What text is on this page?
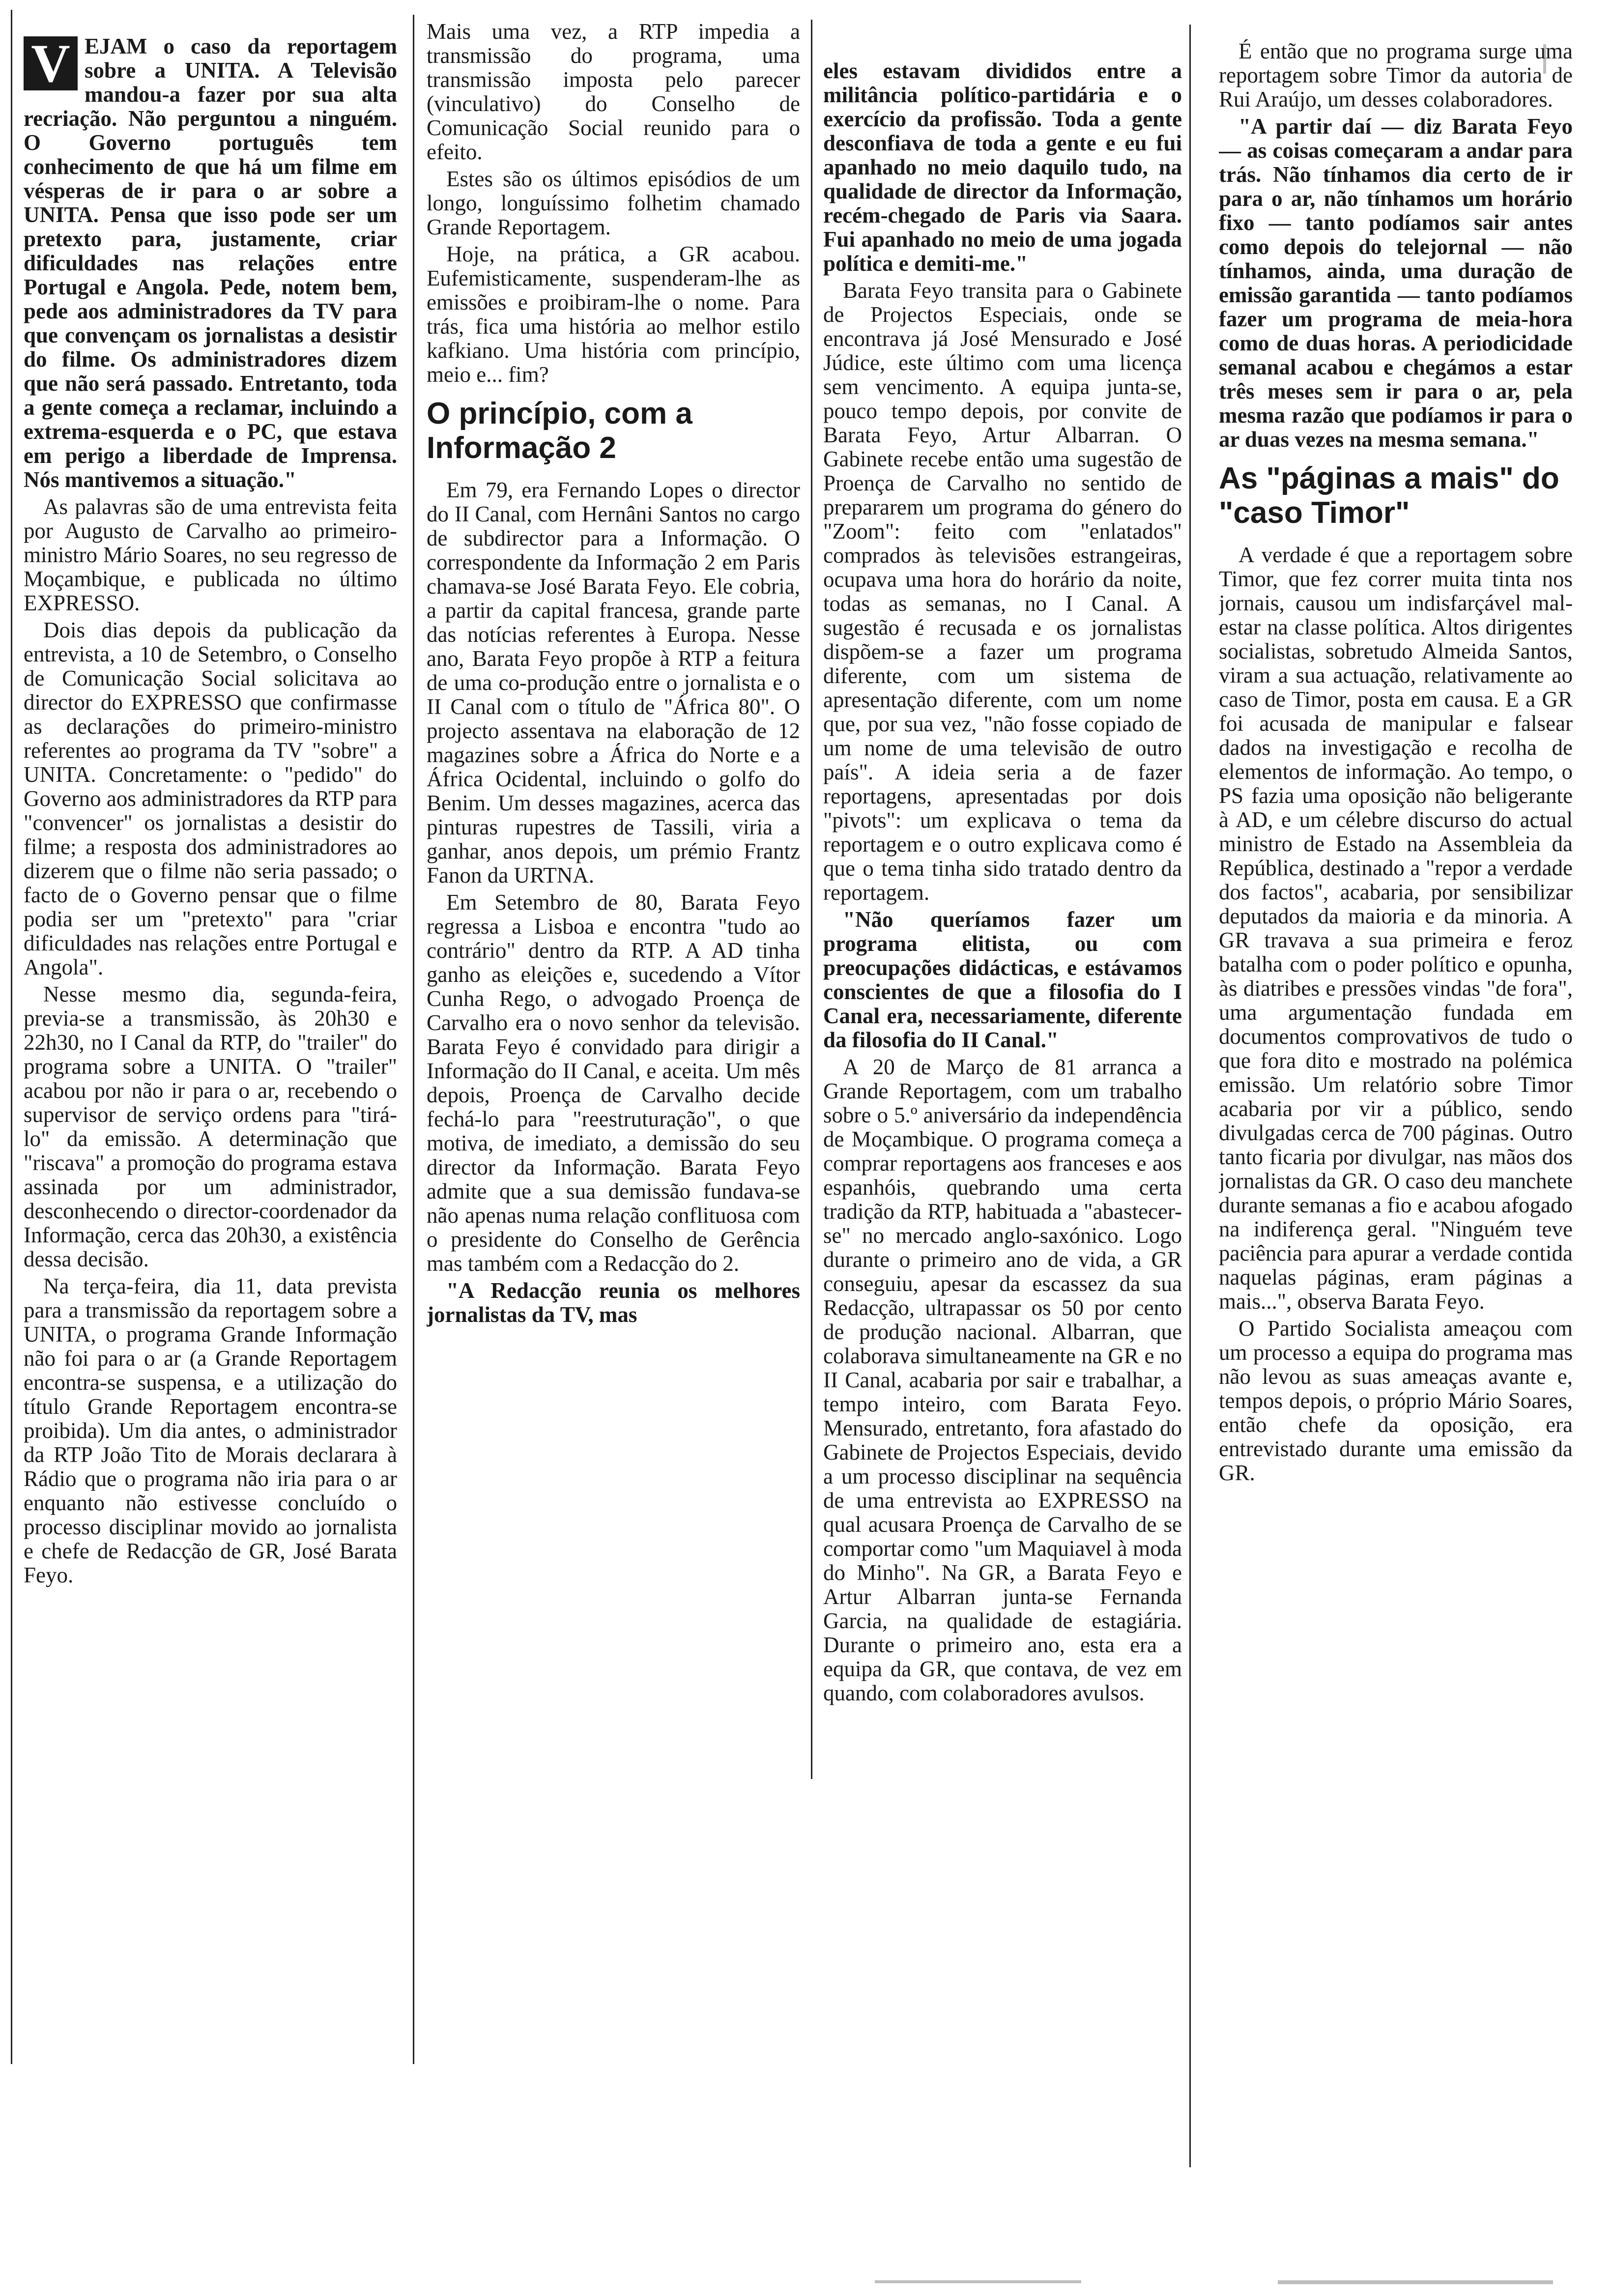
V EJAM o caso da reportagem sobre a UNITA. A Televisão mandou-a fazer por sua alta recriação. Não perguntou a ninguém. O Governo português tem conhecimento de que há um filme em vésperas de ir para o ar sobre a UNITA. Pensa que isso pode ser um pretexto para, justamente, criar dificuldades nas relações entre Portugal e Angola. Pede, notem bem, pede aos administradores da TV para que convençam os jornalistas a desistir do filme. Os administradores dizem que não será passado. Entretanto, toda a gente começa a reclamar, incluindo a extrema-esquerda e o PC, que estava em perigo a liberdade de Imprensa. Nós mantivemos a situação."

As palavras são de uma entrevista feita por Augusto de Carvalho ao primeiro-ministro Mário Soares, no seu regresso de Moçambique, e publicada no último EXPRESSO.

Dois dias depois da publicação da entrevista, a 10 de Setembro, o Conselho de Comunicação Social solicitava ao director do EXPRESSO que confirmasse as declarações do primeiro-ministro referentes ao programa da TV "sobre" a UNITA. Concretamente: o "pedido" do Governo aos administradores da RTP para "convencer" os jornalistas a desistir do filme; a resposta dos administradores ao dizerem que o filme não seria passado; o facto de o Governo pensar que o filme podia ser um "pretexto" para "criar dificuldades nas relações entre Portugal e Angola".

Nesse mesmo dia, segunda-feira, previa-se a transmissão, às 20h30 e 22h30, no I Canal da RTP, do "trailer" do programa sobre a UNITA. O "trailer" acabou por não ir para o ar, recebendo o supervisor de serviço ordens para "tirá-lo" da emissão. A determinação que "riscava" a promoção do programa estava assinada por um administrador, desconhecendo o director-coordenador da Informação, cerca das 20h30, a existência dessa decisão.

Na terça-feira, dia 11, data prevista para a transmissão da reportagem sobre a UNITA, o programa Grande Informação não foi para o ar (a Grande Reportagem encontra-se suspensa, e a utilização do título Grande Reportagem encontra-se proibida). Um dia antes, o administrador da RTP João Tito de Morais declarara à Rádio que o programa não iria para o ar enquanto não estivesse concluído o processo disciplinar movido ao jornalista e chefe de Redacção de GR, José Barata Feyo.

Mais uma vez, a RTP impedia a transmissão do programa, uma transmissão imposta pelo parecer (vinculativo) do Conselho de Comunicação Social reunido para o efeito.

Estes são os últimos episódios de um longo, longuíssimo folhetim chamado Grande Reportagem.

Hoje, na prática, a GR acabou. Eufemisticamente, suspenderam-lhe as emissões e proibiram-lhe o nome. Para trás, fica uma história ao melhor estilo kafkiano. Uma história com princípio, meio e... fim?

O princípio, com a Informação 2

Em 79, era Fernando Lopes o director do II Canal, com Hernâni Santos no cargo de subdirector para a Informação. O correspondente da Informação 2 em Paris chamava-se José Barata Feyo. Ele cobria, a partir da capital francesa, grande parte das notícias referentes à Europa. Nesse ano, Barata Feyo propõe à RTP a feitura de uma co-produção entre o jornalista e o II Canal com o título de "África 80". O projecto assentava na elaboração de 12 magazines sobre a África do Norte e a África Ocidental, incluindo o golfo do Benim. Um desses magazines, acerca das pinturas rupestres de Tassili, viria a ganhar, anos depois, um prémio Frantz Fanon da URTNA.

Em Setembro de 80, Barata Feyo regressa a Lisboa e encontra "tudo ao contrário" dentro da RTP. A AD tinha ganho as eleições e, sucedendo a Vítor Cunha Rego, o advogado Proença de Carvalho era o novo senhor da televisão. Barata Feyo é convidado para dirigir a Informação do II Canal, e aceita. Um mês depois, Proença de Carvalho decide fechá-lo para "reestruturação", o que motiva, de imediato, a demissão do seu director da Informação. Barata Feyo admite que a sua demissão fundava-se não apenas numa relação conflituosa com o presidente do Conselho de Gerência mas também com a Redacção do 2.

"A Redacção reunia os melhores jornalistas da TV, mas

eles estavam divididos entre a militância político-partidária e o exercício da profissão. Toda a gente desconfiava de toda a gente e eu fui apanhado no meio daquilo tudo, na qualidade de director da Informação, recém-chegado de Paris via Saara. Fui apanhado no meio de uma jogada política e demiti-me."

Barata Feyo transita para o Gabinete de Projectos Especiais, onde se encontrava já José Mensurado e José Júdice, este último com uma licença sem vencimento. A equipa junta-se, pouco tempo depois, por convite de Barata Feyo, Artur Albarran. O Gabinete recebe então uma sugestão de Proença de Carvalho no sentido de prepararem um programa do género do "Zoom": feito com "enlatados" comprados às televisões estrangeiras, ocupava uma hora do horário da noite, todas as semanas, no I Canal. A sugestão é recusada e os jornalistas dispõem-se a fazer um programa diferente, com um sistema de apresentação diferente, com um nome que, por sua vez, "não fosse copiado de um nome de uma televisão de outro país". A ideia seria a de fazer reportagens, apresentadas por dois "pivots": um explicava o tema da reportagem e o outro explicava como é que o tema tinha sido tratado dentro da reportagem.

"Não queríamos fazer um programa elitista, ou com preocupações didácticas, e estávamos conscientes de que a filosofia do I Canal era, necessariamente, diferente da filosofia do II Canal."

A 20 de Março de 81 arranca a Grande Reportagem, com um trabalho sobre o 5.º aniversário da independência de Moçambique. O programa começa a comprar reportagens aos franceses e aos espanhóis, quebrando uma certa tradição da RTP, habituada a "abastecer-se" no mercado anglo-saxónico. Logo durante o primeiro ano de vida, a GR conseguiu, apesar da escassez da sua Redacção, ultrapassar os 50 por cento de produção nacional. Albarran, que colaborava simultaneamente na GR e no II Canal, acabaria por sair e trabalhar, a tempo inteiro, com Barata Feyo. Mensurado, entretanto, fora afastado do Gabinete de Projectos Especiais, devido a um processo disciplinar na sequência de uma entrevista ao EXPRESSO na qual acusara Proença de Carvalho de se comportar como "um Maquiavel à moda do Minho". Na GR, a Barata Feyo e Artur Albarran junta-se Fernanda Garcia, na qualidade de estagiária. Durante o primeiro ano, esta era a equipa da GR, que contava, de vez em quando, com colaboradores avulsos.

É então que no programa surge uma reportagem sobre Timor da autoria de Rui Araújo, um desses colaboradores.

"A partir daí — diz Barata Feyo — as coisas começaram a andar para trás. Não tínhamos dia certo de ir para o ar, não tínhamos um horário fixo — tanto podíamos sair antes como depois do telejornal — não tínhamos, ainda, uma duração de emissão garantida — tanto podíamos fazer um programa de meia-hora como de duas horas. A periodicidade semanal acabou e chegámos a estar três meses sem ir para o ar, pela mesma razão que podíamos ir para o ar duas vezes na mesma semana."

As "páginas a mais" do "caso Timor"

A verdade é que a reportagem sobre Timor, que fez correr muita tinta nos jornais, causou um indisfarçável mal-estar na classe política. Altos dirigentes socialistas, sobretudo Almeida Santos, viram a sua actuação, relativamente ao caso de Timor, posta em causa. E a GR foi acusada de manipular e falsear dados na investigação e recolha de elementos de informação. Ao tempo, o PS fazia uma oposição não beligerante à AD, e um célebre discurso do actual ministro de Estado na Assembleia da República, destinado a "repor a verdade dos factos", acabaria, por sensibilizar deputados da maioria e da minoria. A GR travava a sua primeira e feroz batalha com o poder político e opunha, às diatribes e pressões vindas "de fora", uma argumentação fundada em documentos comprovativos de tudo o que fora dito e mostrado na polémica emissão. Um relatório sobre Timor acabaria por vir a público, sendo divulgadas cerca de 700 páginas. Outro tanto ficaria por divulgar, nas mãos dos jornalistas da GR. O caso deu manchete durante semanas a fio e acabou afogado na indiferença geral. "Ninguém teve paciência para apurar a verdade contida naquelas páginas, eram páginas a mais...", observa Barata Feyo.

O Partido Socialista ameaçou com um processo a equipa do programa mas não levou as suas ameaças avante e, tempos depois, o próprio Mário Soares, então chefe da oposição, era entrevistado durante uma emissão da GR.
